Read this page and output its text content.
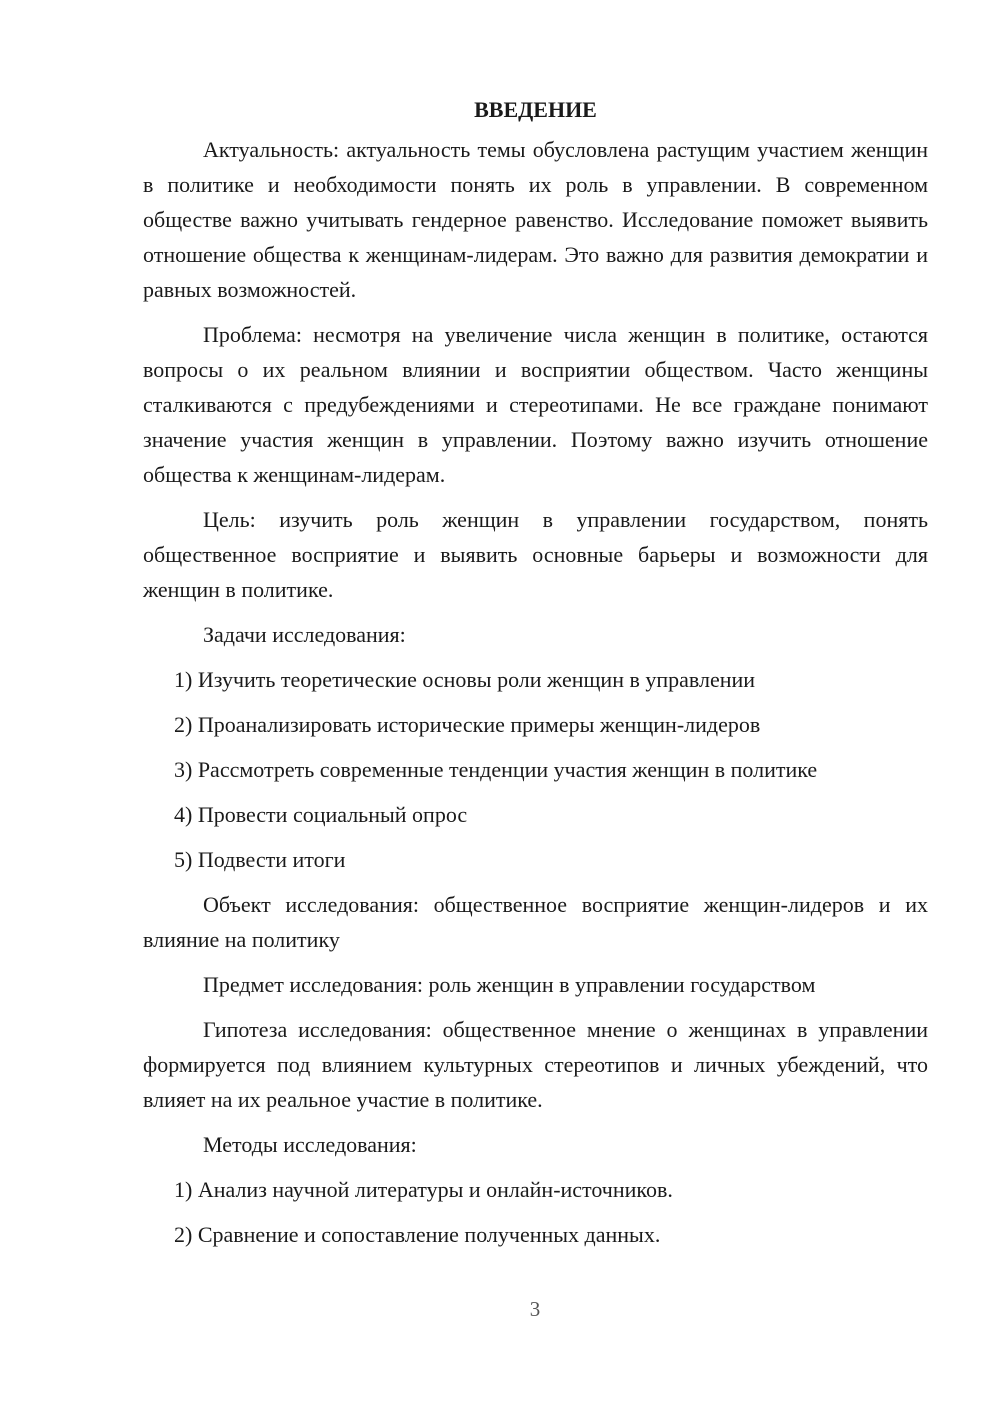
ВВЕДЕНИЕ

Актуальность: актуальность темы обусловлена растущим участием женщин в политике и необходимости понять их роль в управлении. В современном обществе важно учитывать гендерное равенство. Исследование поможет выявить отношение общества к женщинам-лидерам. Это важно для развития демократии и равных возможностей.

Проблема: несмотря на увеличение числа женщин в политике, остаются вопросы о их реальном влиянии и восприятии обществом. Часто женщины сталкиваются с предубеждениями и стереотипами. Не все граждане понимают значение участия женщин в управлении. Поэтому важно изучить отношение общества к женщинам-лидерам.

Цель: изучить роль женщин в управлении государством, понять общественное восприятие и выявить основные барьеры и возможности для женщин в политике.

Задачи исследования:

1) Изучить теоретические основы роли женщин в управлении
2) Проанализировать исторические примеры женщин-лидеров
3) Рассмотреть современные тенденции участия женщин в политике
4) Провести социальный опрос
5) Подвести итоги

Объект исследования: общественное восприятие женщин-лидеров и их влияние на политику

Предмет исследования: роль женщин в управлении государством

Гипотеза исследования: общественное мнение о женщинах в управлении формируется под влиянием культурных стереотипов и личных убеждений, что влияет на их реальное участие в политике.

Методы исследования:

1) Анализ научной литературы и онлайн-источников.
2) Сравнение и сопоставление полученных данных.
3
